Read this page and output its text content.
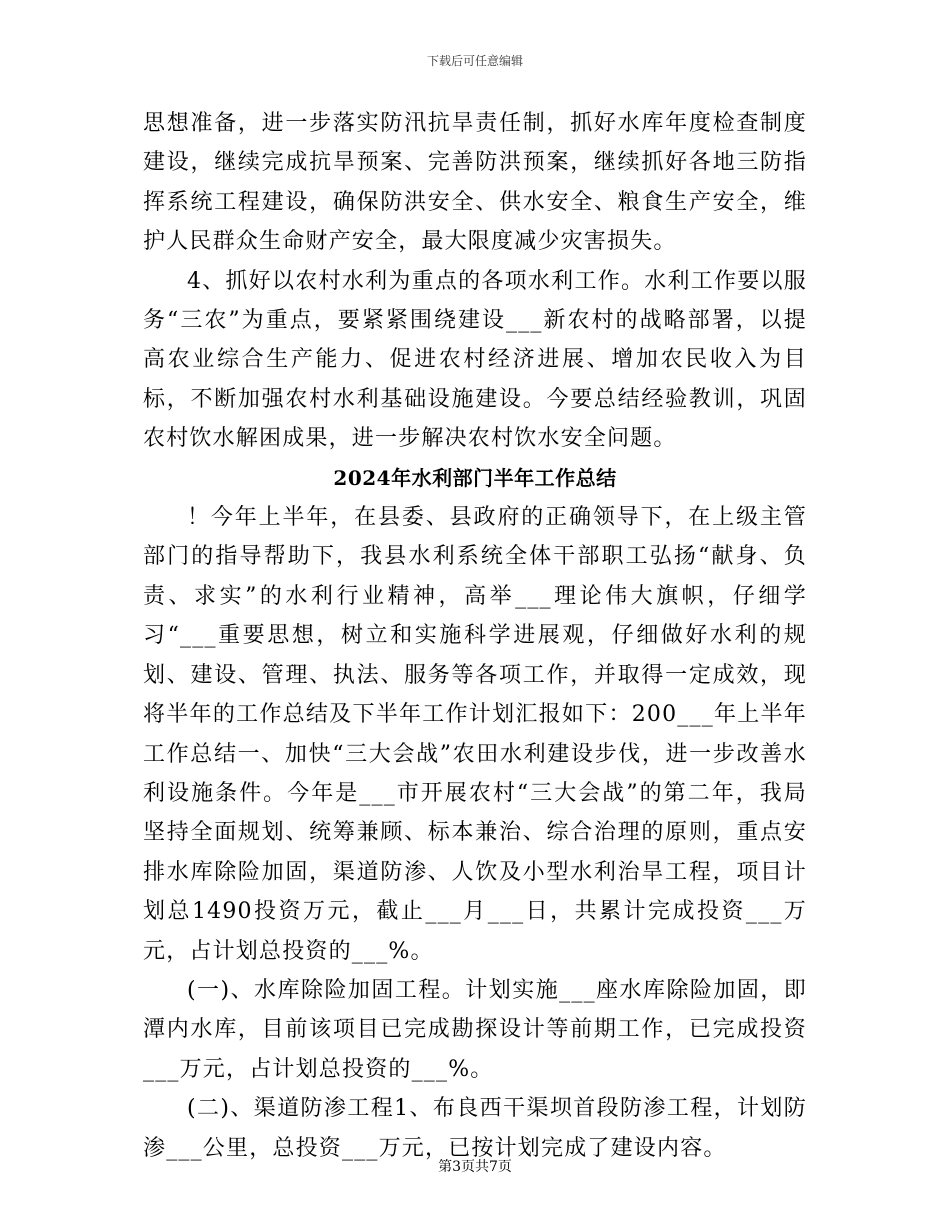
下载后可任意编辑

思想准备，进一步落实防汛抗旱责任制，抓好水库年度检查制度建设，继续完成抗旱预案、完善防洪预案，继续抓好各地三防指挥系统工程建设，确保防洪安全、供水安全、粮食生产安全，维护人民群众生命财产安全，最大限度减少灾害损失。

4、抓好以农村水利为重点的各项水利工作。水利工作要以服务“三农”为重点，要紧紧围绕建设___新农村的战略部署，以提高农业综合生产能力、促进农村经济进展、增加农民收入为目标，不断加强农村水利基础设施建设。今要总结经验教训，巩固农村饮水解困成果，进一步解决农村饮水安全问题。

2024年水利部门半年工作总结

！今年上半年，在县委、县政府的正确领导下，在上级主管部门的指导帮助下，我县水利系统全体干部职工弘扬“献身、负责、求实”的水利行业精神，高举___理论伟大旗帜，仔细学习“___重要思想，树立和实施科学进展观，仔细做好水利的规划、建设、管理、执法、服务等各项工作，并取得一定成效，现将半年的工作总结及下半年工作计划汇报如下：200___年上半年工作总结一、加快“三大会战”农田水利建设步伐，进一步改善水利设施条件。今年是___市开展农村“三大会战”的第二年，我局坚持全面规划、统筹兼顾、标本兼治、综合治理的原则，重点安排水库除险加固，渠道防渗、人饮及小型水利治旱工程，项目计划总1490投资万元，截止___月___日，共累计完成投资___万元，占计划总投资的___%。

(一)、水库除险加固工程。计划实施___座水库除险加固，即潭内水库，目前该项目已完成勘探设计等前期工作，已完成投资___万元，占计划总投资的___%。

(二)、渠道防渗工程1、布良西干渠坝首段防渗工程，计划防渗___公里，总投资___万元，已按计划完成了建设内容。

第3页共7页
